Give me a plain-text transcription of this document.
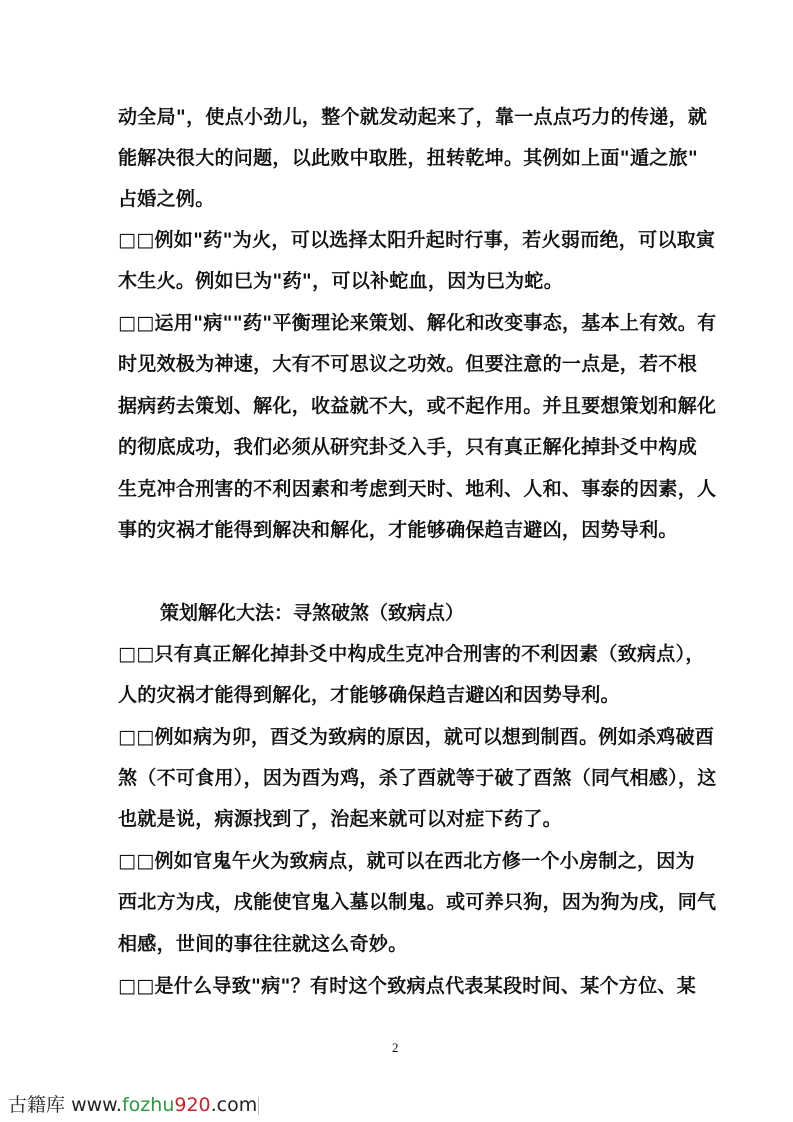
动全局"，使点小劲儿，整个就发动起来了，靠一点点巧力的传递，就
能解决很大的问题，以此败中取胜，扭转乾坤。其例如上面"遁之旅"
占婚之例。
□□例如"药"为火，可以选择太阳升起时行事，若火弱而绝，可以取寅
木生火。例如巳为"药"，可以补蛇血，因为巳为蛇。
□□运用"病""药"平衡理论来策划、解化和改变事态，基本上有效。有
时见效极为神速，大有不可思议之功效。但要注意的一点是，若不根
据病药去策划、解化，收益就不大，或不起作用。并且要想策划和解化
的彻底成功，我们必须从研究卦爻入手，只有真正解化掉卦爻中构成
生克冲合刑害的不利因素和考虑到天时、地利、人和、事泰的因素，人
事的灾祸才能得到解决和解化，才能够确保趋吉避凶，因势导利。
策划解化大法：寻煞破煞（致病点）
□□只有真正解化掉卦爻中构成生克冲合刑害的不利因素（致病点），
人的灾祸才能得到解化，才能够确保趋吉避凶和因势导利。
□□例如病为卯，酉爻为致病的原因，就可以想到制酉。例如杀鸡破酉
煞（不可食用），因为酉为鸡，杀了酉就等于破了酉煞（同气相感），这
也就是说，病源找到了，治起来就可以对症下药了。
□□例如官鬼午火为致病点，就可以在西北方修一个小房制之，因为
西北方为戌，戌能使官鬼入墓以制鬼。或可养只狗，因为狗为戌，同气
相感，世间的事往往就这么奇妙。
□□是什么导致"病"？有时这个致病点代表某段时间、某个方位、某
2
古籍库 www.fozhu920.com
